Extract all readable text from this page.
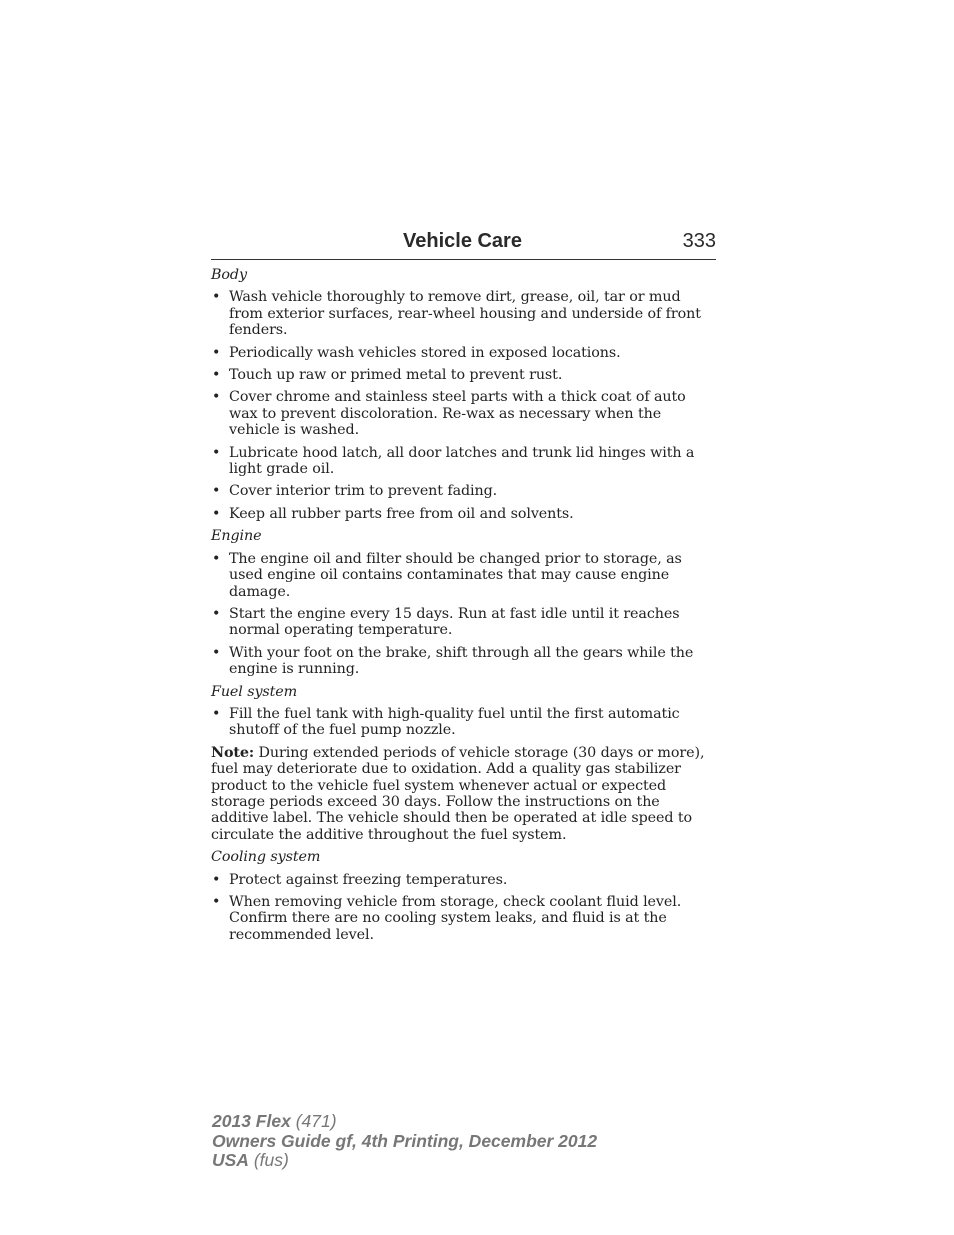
Vehicle Care	333
Body
• Wash vehicle thoroughly to remove dirt, grease, oil, tar or mud from exterior surfaces, rear-wheel housing and underside of front fenders.
• Periodically wash vehicles stored in exposed locations.
• Touch up raw or primed metal to prevent rust.
• Cover chrome and stainless steel parts with a thick coat of auto wax to prevent discoloration. Re-wax as necessary when the vehicle is washed.
• Lubricate hood latch, all door latches and trunk lid hinges with a light grade oil.
• Cover interior trim to prevent fading.
• Keep all rubber parts free from oil and solvents.
Engine
• The engine oil and filter should be changed prior to storage, as used engine oil contains contaminates that may cause engine damage.
• Start the engine every 15 days. Run at fast idle until it reaches normal operating temperature.
• With your foot on the brake, shift through all the gears while the engine is running.
Fuel system
• Fill the fuel tank with high-quality fuel until the first automatic shutoff of the fuel pump nozzle.

Note: During extended periods of vehicle storage (30 days or more), fuel may deteriorate due to oxidation. Add a quality gas stabilizer product to the vehicle fuel system whenever actual or expected storage periods exceed 30 days. Follow the instructions on the additive label. The vehicle should then be operated at idle speed to circulate the additive throughout the fuel system.

Cooling system
• Protect against freezing temperatures.
• When removing vehicle from storage, check coolant fluid level. Confirm there are no cooling system leaks, and fluid is at the recommended level.
2013 Flex (471)
Owners Guide gf, 4th Printing, December 2012
USA (fus)
